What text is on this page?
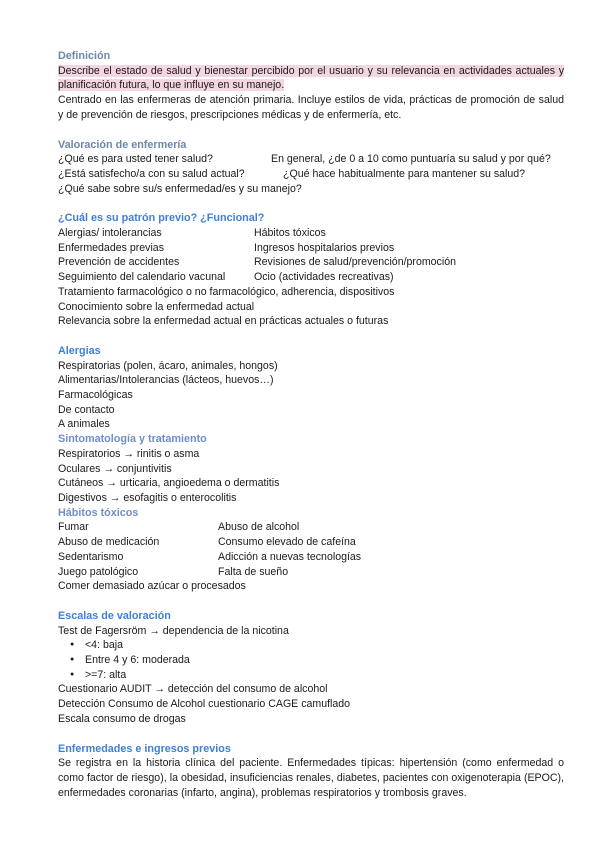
Definición
Describe el estado de salud y bienestar percibido por el usuario y su relevancia en actividades actuales y planificación futura, lo que influye en su manejo.
Centrado en las enfermeras de atención primaria. Incluye estilos de vida, prácticas de promoción de salud y de prevención de riesgos, prescripciones médicas y de enfermería, etc.
Valoración de enfermería
¿Qué es para usted tener salud?	En general, ¿de 0 a 10 como puntuaría su salud y por qué?
¿Está satisfecho/a con su salud actual?	¿Qué hace habitualmente para mantener su salud?
¿Qué sabe sobre su/s enfermedad/es y su manejo?
¿Cuál es su patrón previo? ¿Funcional?
Alergias/ intolerancias	Hábitos tóxicos
Enfermedades previas	Ingresos hospitalarios previos
Prevención de accidentes	Revisiones de salud/prevención/promoción
Seguimiento del calendario vacunal	Ocio (actividades recreativas)
Tratamiento farmacológico o no farmacológico, adherencia, dispositivos
Conocimiento sobre la enfermedad actual
Relevancia sobre la enfermedad actual en prácticas actuales o futuras
Alergias
Respiratorias (polen, ácaro, animales, hongos)
Alimentarias/Intolerancias (lácteos, huevos…)
Farmacológicas
De contacto
A animales
Sintomatología y tratamiento
Respiratorios → rinitis o asma
Oculares → conjuntivitis
Cutáneos → urticaria, angioedema o dermatitis
Digestivos → esofagitis o enterocolitis
Hábitos tóxicos
Fumar	Abuso de alcohol
Abuso de medicación	Consumo elevado de cafeína
Sedentarismo	Adicción a nuevas tecnologías
Juego patológico	Falta de sueño
Comer demasiado azúcar o procesados
Escalas de valoración
Test de Fagersröm → dependencia de la nicotina
● <4: baja
● Entre 4 y 6: moderada
● >=7: alta
Cuestionario AUDIT → detección del consumo de alcohol
Detección Consumo de Alcohol cuestionario CAGE camuflado
Escala consumo de drogas
Enfermedades e ingresos previos
Se registra en la historia clínica del paciente. Enfermedades típicas: hipertensión (como enfermedad o como factor de riesgo), la obesidad, insuficiencias renales, diabetes, pacientes con oxigenoterapia (EPOC), enfermedades coronarias (infarto, angina), problemas respiratorios y trombosis graves.
